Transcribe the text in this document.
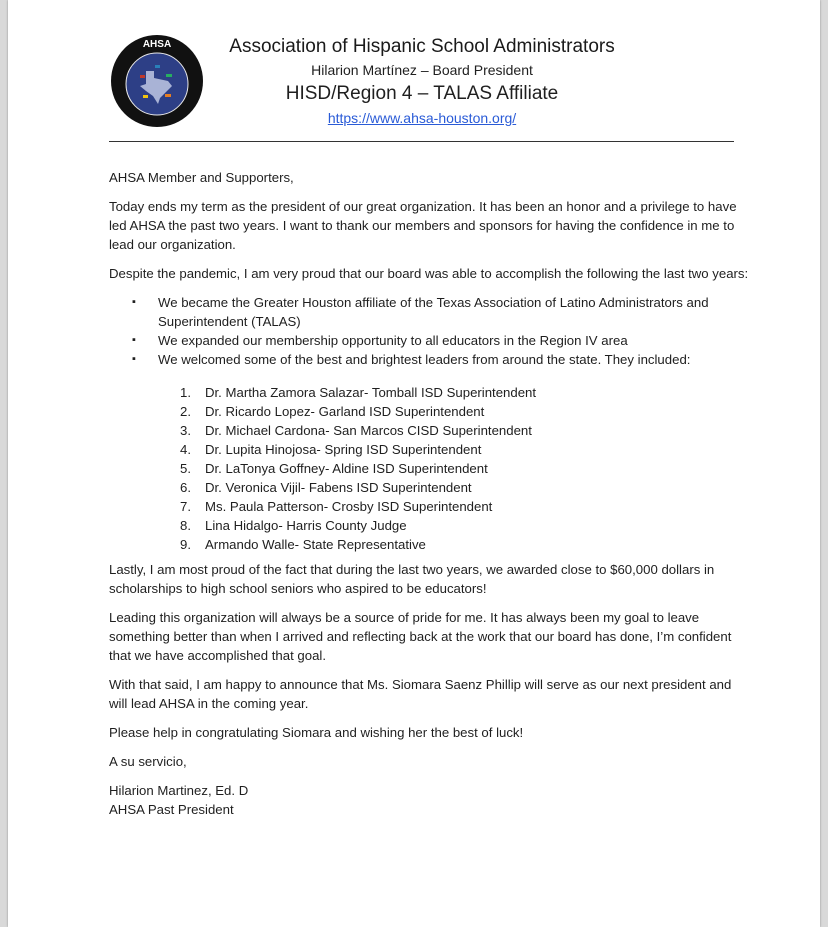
AHSA	Association of Hispanic School Administrators
Hilarion Martínez – Board President
HISD/Region 4 – TALAS Affiliate
https://www.ahsa-houston.org/

AHSA Member and Supporters,

Today ends my term as the president of our great organization. It has been an honor and a privilege to have led AHSA the past two years. I want to thank our members and sponsors for having the confidence in me to lead our organization.

Despite the pandemic, I am very proud that our board was able to accomplish the following the last two years:

▪ We became the Greater Houston affiliate of the Texas Association of Latino Administrators and Superintendent (TALAS)
▪ We expanded our membership opportunity to all educators in the Region IV area
▪ We welcomed some of the best and brightest leaders from around the state. They included:
1. Dr. Martha Zamora Salazar- Tomball ISD Superintendent
2. Dr. Ricardo Lopez- Garland ISD Superintendent
3. Dr. Michael Cardona- San Marcos CISD Superintendent
4. Dr. Lupita Hinojosa- Spring ISD Superintendent
5. Dr. LaTonya Goffney- Aldine ISD Superintendent
6. Dr. Veronica Vijil- Fabens ISD Superintendent
7. Ms. Paula Patterson- Crosby ISD Superintendent
8. Lina Hidalgo- Harris County Judge
9. Armando Walle- State Representative

Lastly, I am most proud of the fact that during the last two years, we awarded close to $60,000 dollars in scholarships to high school seniors who aspired to be educators!

Leading this organization will always be a source of pride for me. It has always been my goal to leave something better than when I arrived and reflecting back at the work that our board has done, I’m confident that we have accomplished that goal.

With that said, I am happy to announce that Ms. Siomara Saenz Phillip will serve as our next president and will lead AHSA in the coming year.

Please help in congratulating Siomara and wishing her the best of luck!

A su servicio,

Hilarion Martinez, Ed. D
AHSA Past President
